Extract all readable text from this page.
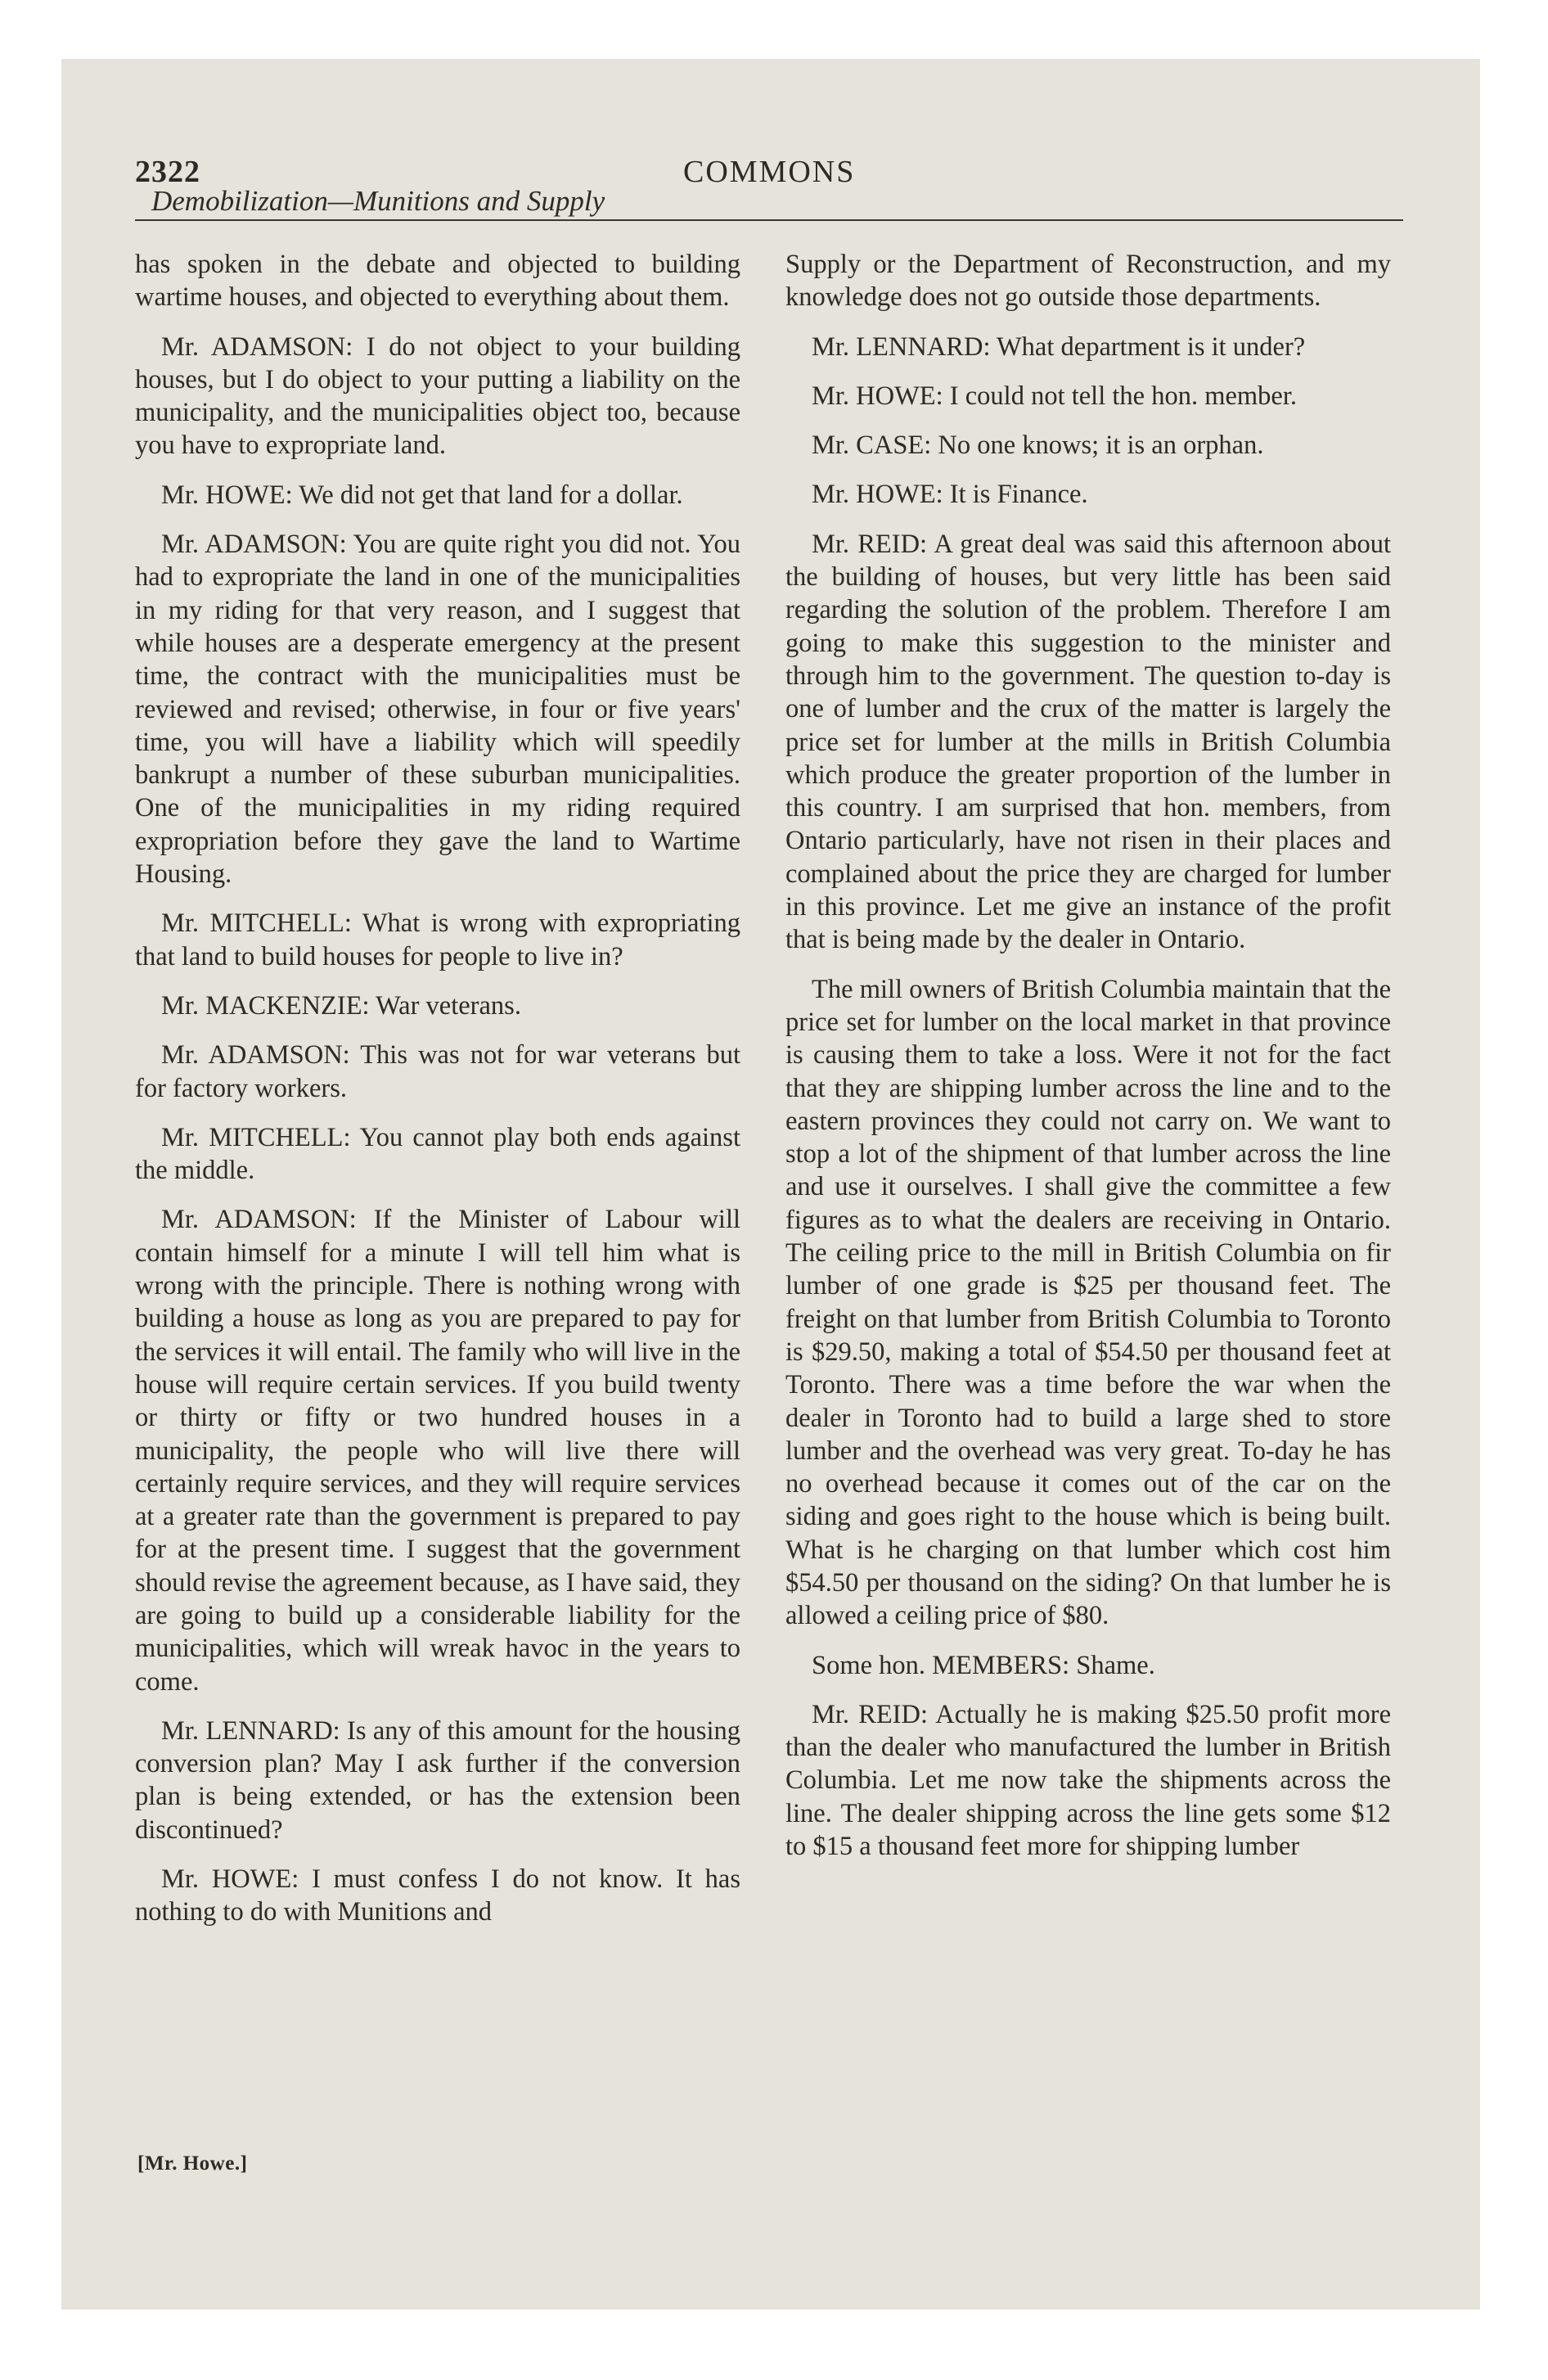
2322	COMMONS
Demobilization—Munitions and Supply

has spoken in the debate and objected to building wartime houses, and objected to everything about them.

Mr. ADAMSON: I do not object to your building houses, but I do object to your putting a liability on the municipality, and the municipalities object too, because you have to expropriate land.

Mr. HOWE: We did not get that land for a dollar.

Mr. ADAMSON: You are quite right you did not. You had to expropriate the land in one of the municipalities in my riding for that very reason, and I suggest that while houses are a desperate emergency at the present time, the contract with the municipalities must be reviewed and revised; otherwise, in four or five years' time, you will have a liability which will speedily bankrupt a number of these suburban municipalities. One of the municipalities in my riding required expropriation before they gave the land to Wartime Housing.

Mr. MITCHELL: What is wrong with expropriating that land to build houses for people to live in?

Mr. MACKENZIE: War veterans.

Mr. ADAMSON: This was not for war veterans but for factory workers.

Mr. MITCHELL: You cannot play both ends against the middle.

Mr. ADAMSON: If the Minister of Labour will contain himself for a minute I will tell him what is wrong with the principle. There is nothing wrong with building a house as long as you are prepared to pay for the services it will entail. The family who will live in the house will require certain services. If you build twenty or thirty or fifty or two hundred houses in a municipality, the people who will live there will certainly require services, and they will require services at a greater rate than the government is prepared to pay for at the present time. I suggest that the government should revise the agreement because, as I have said, they are going to build up a considerable liability for the municipalities, which will wreak havoc in the years to come.

Mr. LENNARD: Is any of this amount for the housing conversion plan? May I ask further if the conversion plan is being extended, or has the extension been discontinued?

Mr. HOWE: I must confess I do not know. It has nothing to do with Munitions and

Supply or the Department of Reconstruction, and my knowledge does not go outside those departments.

Mr. LENNARD: What department is it under?

Mr. HOWE: I could not tell the hon. member.

Mr. CASE: No one knows; it is an orphan.

Mr. HOWE: It is Finance.

Mr. REID: A great deal was said this afternoon about the building of houses, but very little has been said regarding the solution of the problem. Therefore I am going to make this suggestion to the minister and through him to the government. The question to-day is one of lumber and the crux of the matter is largely the price set for lumber at the mills in British Columbia which produce the greater proportion of the lumber in this country. I am surprised that hon. members, from Ontario particularly, have not risen in their places and complained about the price they are charged for lumber in this province. Let me give an instance of the profit that is being made by the dealer in Ontario.

The mill owners of British Columbia maintain that the price set for lumber on the local market in that province is causing them to take a loss. Were it not for the fact that they are shipping lumber across the line and to the eastern provinces they could not carry on. We want to stop a lot of the shipment of that lumber across the line and use it ourselves. I shall give the committee a few figures as to what the dealers are receiving in Ontario. The ceiling price to the mill in British Columbia on fir lumber of one grade is $25 per thousand feet. The freight on that lumber from British Columbia to Toronto is $29.50, making a total of $54.50 per thousand feet at Toronto. There was a time before the war when the dealer in Toronto had to build a large shed to store lumber and the overhead was very great. To-day he has no overhead because it comes out of the car on the siding and goes right to the house which is being built. What is he charging on that lumber which cost him $54.50 per thousand on the siding? On that lumber he is allowed a ceiling price of $80.

Some hon. MEMBERS: Shame.

Mr. REID: Actually he is making $25.50 profit more than the dealer who manufactured the lumber in British Columbia. Let me now take the shipments across the line. The dealer shipping across the line gets some $12 to $15 a thousand feet more for shipping lumber

[Mr. Howe.]
